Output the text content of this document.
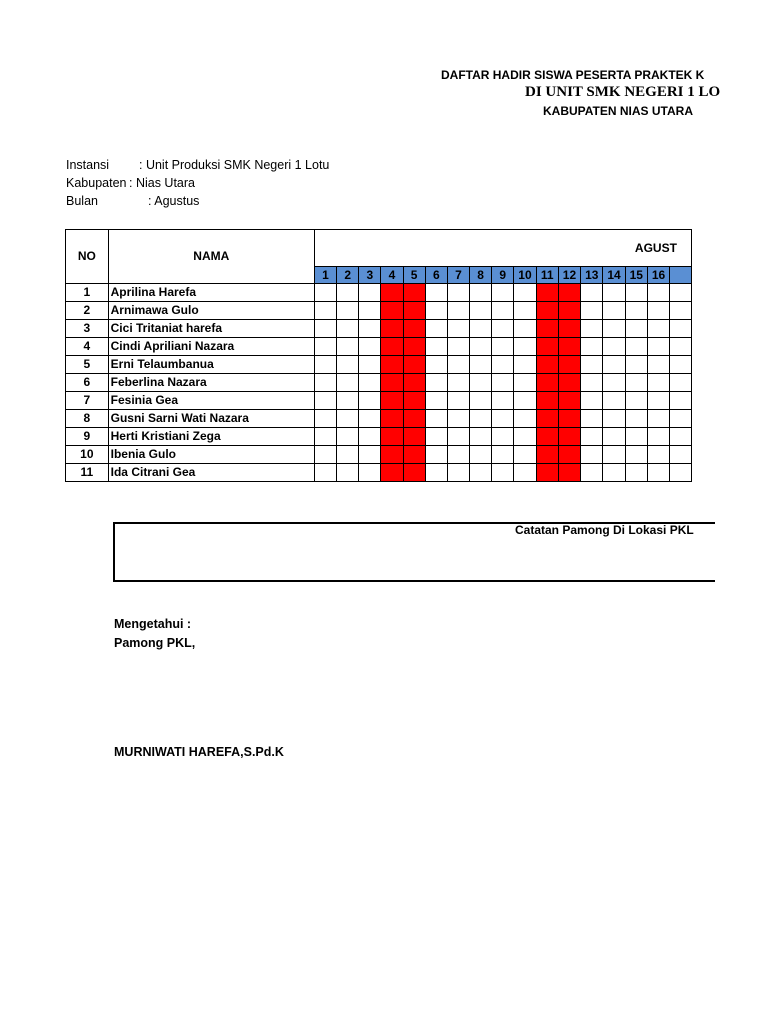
DAFTAR HADIR SISWA PESERTA PRAKTEK K
DI UNIT SMK NEGERI 1 LO
KABUPATEN NIAS UTARA
Instansi : Unit Produksi SMK Negeri 1 Lotu
Kabupaten : Nias Utara
Bulan	: Agustus
NO	NAMA	AGUST																
		1	2	3	4	5	6	7	8	9	10	11	12	13	14	15	16	
1	Aprilina Harefa																	
2	Arnimawa Gulo																	
3	Cici Tritaniat harefa																	
4	Cindi Apriliani Nazara																	
5	Erni Telaumbanua																	
6	Feberlina Nazara																	
7	Fesinia Gea																	
8	Gusni Sarni Wati Nazara																	
9	Herti Kristiani Zega																	
10	Ibenia Gulo																	
11	Ida Citrani Gea																	
Catatan Pamong Di Lokasi PKL
Mengetahui :
Pamong PKL,
MURNIWATI HAREFA,S.Pd.K
